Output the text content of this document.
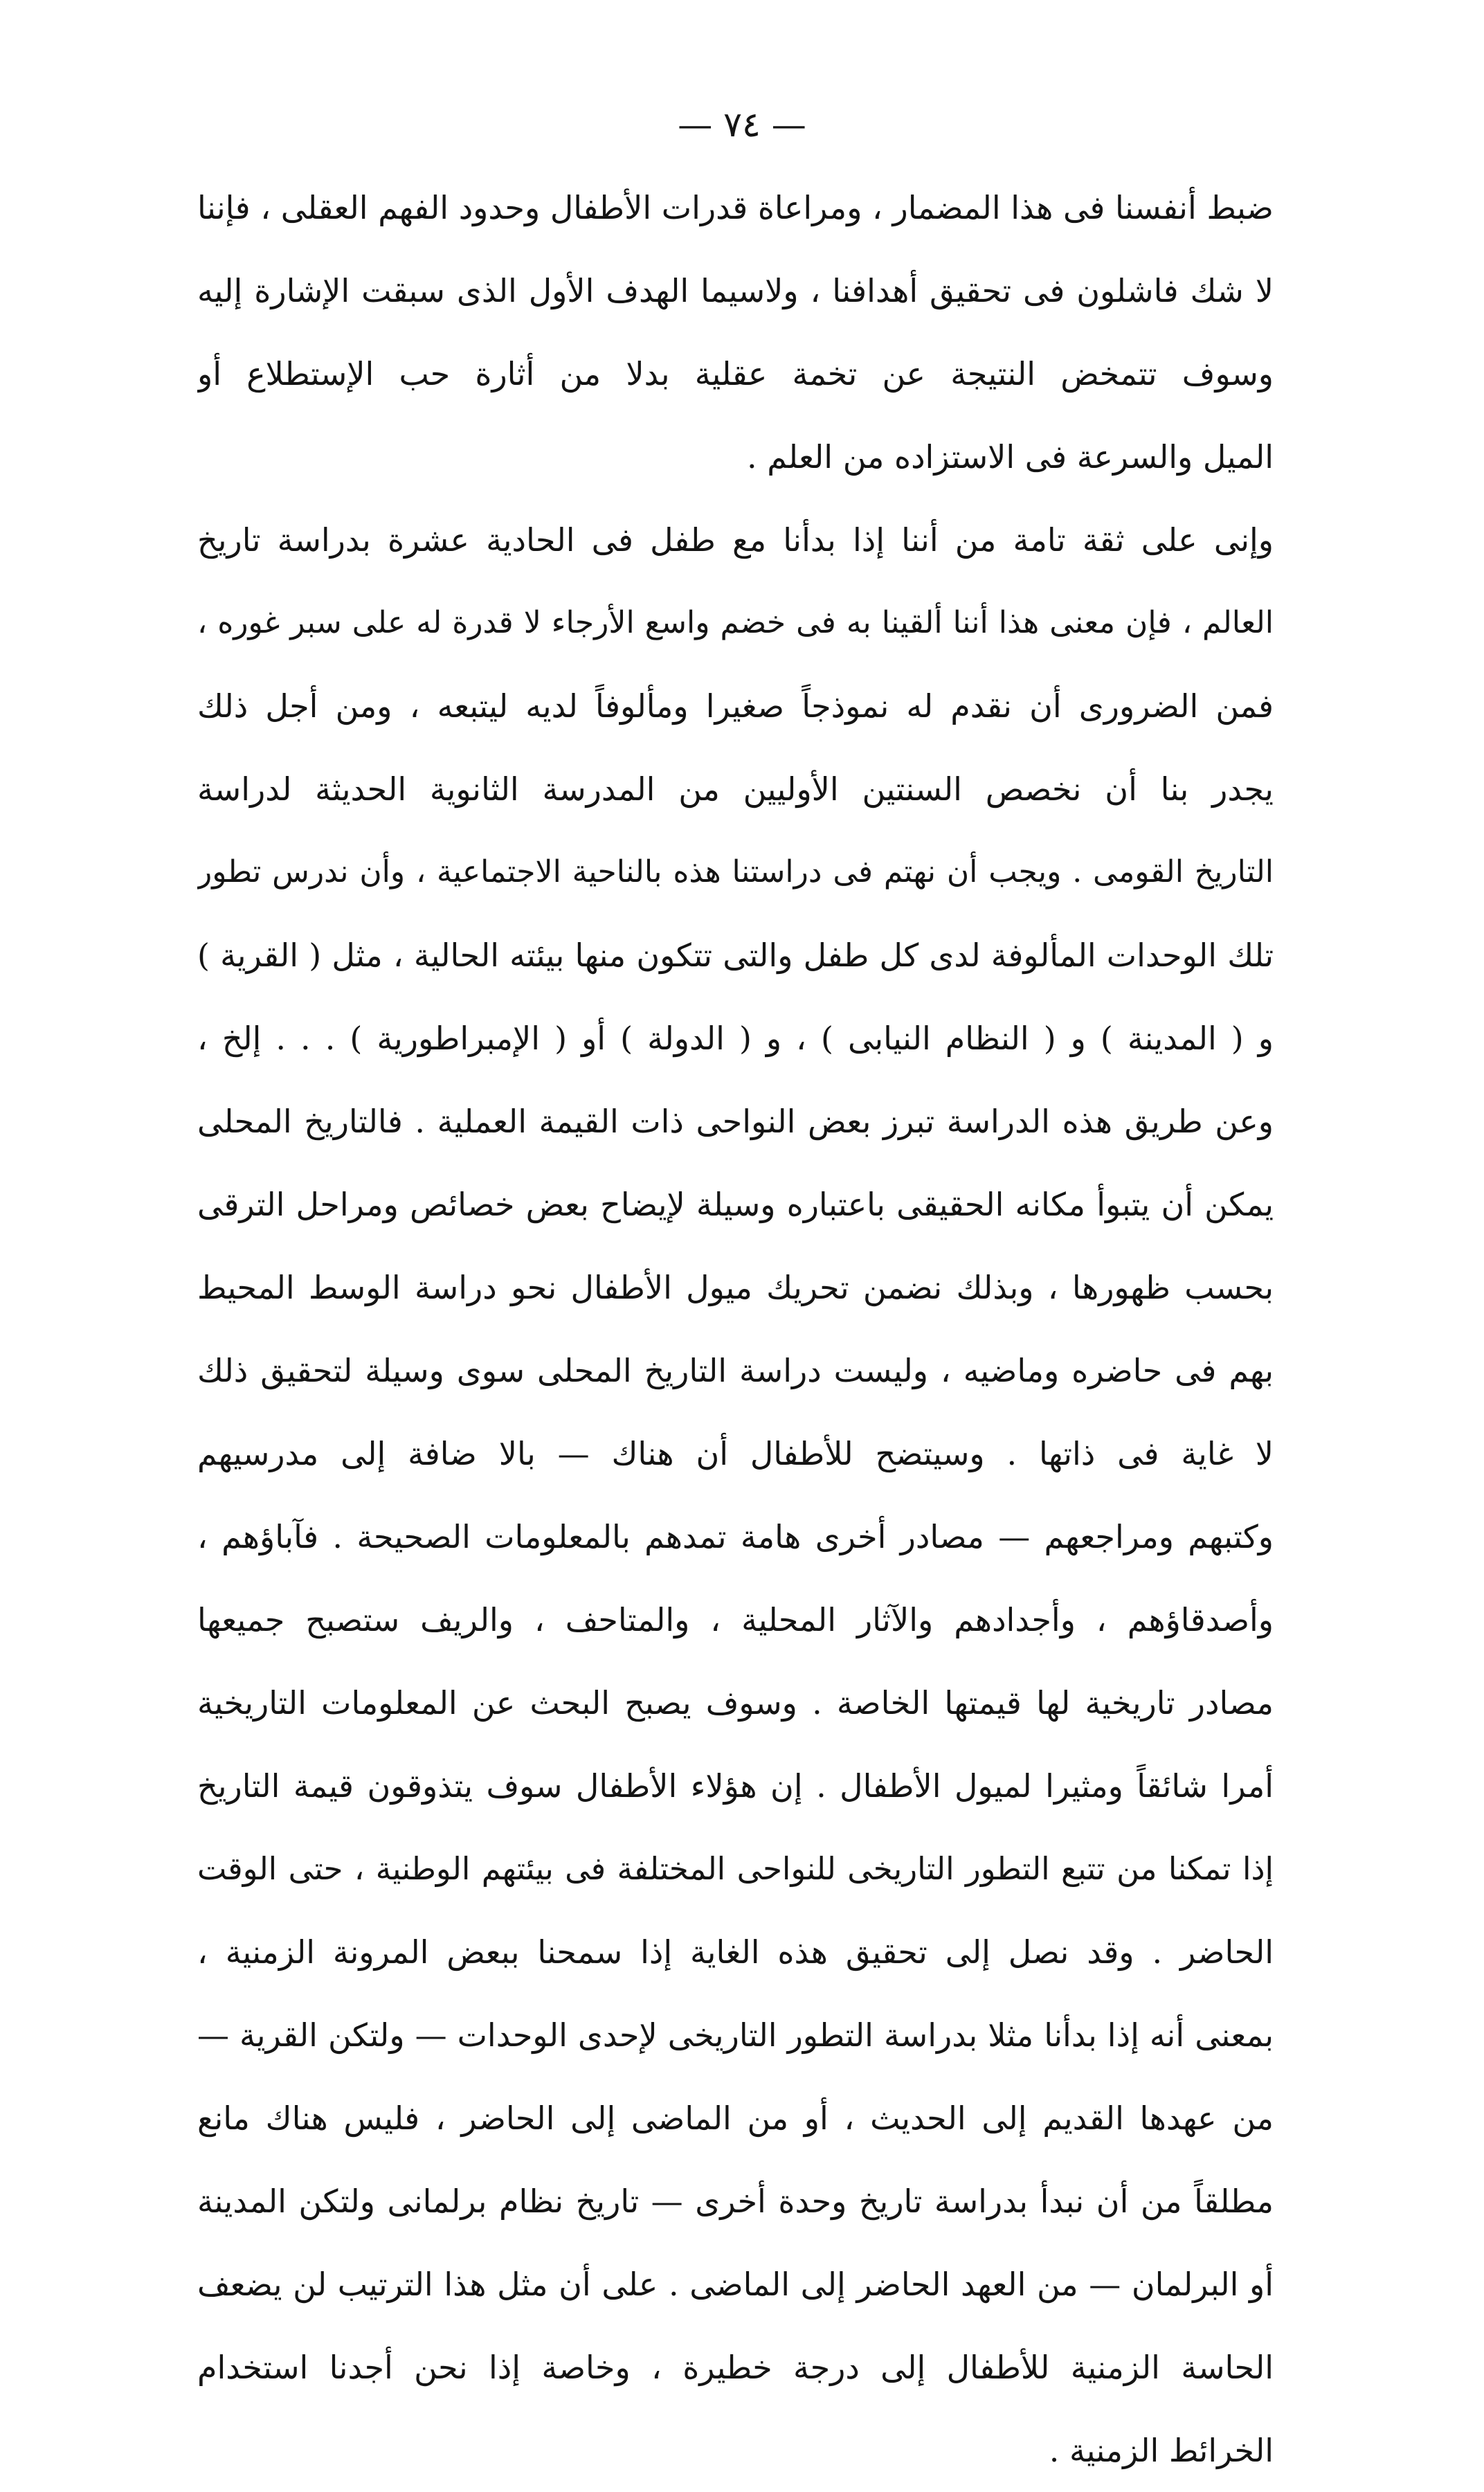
— ٧٤ —
ضبط أنفسنا فى هذا المضمار ، ومراعاة قدرات الأطفال وحدود الفهم العقلى ، فإننا
لا شك فاشلون فى تحقيق أهدافنا ، ولاسيما الهدف الأول الذى سبقت الإشارة إليه
وسوف تتمخض النتيجة عن تخمة عقلية بدلا من أثارة حب الإستطلاع أو
الميل والسرعة فى الاستزاده من العلم .
وإنى على ثقة تامة من أننا إذا بدأنا مع طفل فى الحادية عشرة بدراسة تاريخ
العالم ، فإن معنى هذا أننا ألقينا به فى خضم واسع الأرجاء لا قدرة له على سبر غوره ،
فمن الضرورى أن نقدم له نموذجاً صغيرا ومألوفاً لديه ليتبعه ، ومن أجل ذلك
يجدر بنا أن نخصص السنتين الأوليين من المدرسة الثانوية الحديثة لدراسة
التاريخ القومى . ويجب أن نهتم فى دراستنا هذه بالناحية الاجتماعية ، وأن ندرس تطور
تلك الوحدات المألوفة لدى كل طفل والتى تتكون منها بيئته الحالية ، مثل ( القرية )
و ( المدينة ) و ( النظام النيابى ) ، و ( الدولة ) أو ( الإمبراطورية ) . . . إلخ ،
وعن طريق هذه الدراسة تبرز بعض النواحى ذات القيمة العملية . فالتاريخ المحلى
يمكن أن يتبوأ مكانه الحقيقى باعتباره وسيلة لإيضاح بعض خصائص ومراحل الترقى
بحسب ظهورها ، وبذلك نضمن تحريك ميول الأطفال نحو دراسة الوسط المحيط
بهم فى حاضره وماضيه ، وليست دراسة التاريخ المحلى سوى وسيلة لتحقيق ذلك
لا غاية فى ذاتها . وسيتضح للأطفال أن هناك — بالا ضافة إلى مدرسيهم
وكتبهم ومراجعهم — مصادر أخرى هامة تمدهم بالمعلومات الصحيحة . فآباؤهم ،
وأصدقاؤهم ، وأجدادهم والآثار المحلية ، والمتاحف ، والريف ستصبح جميعها
مصادر تاريخية لها قيمتها الخاصة . وسوف يصبح البحث عن المعلومات التاريخية
أمرا شائقاً ومثيرا لميول الأطفال . إن هؤلاء الأطفال سوف يتذوقون قيمة التاريخ
إذا تمكنا من تتبع التطور التاريخى للنواحى المختلفة فى بيئتهم الوطنية ، حتى الوقت
الحاضر . وقد نصل إلى تحقيق هذه الغاية إذا سمحنا ببعض المرونة الزمنية ،
بمعنى أنه إذا بدأنا مثلا بدراسة التطور التاريخى لإحدى الوحدات — ولتكن القرية —
من عهدها القديم إلى الحديث ، أو من الماضى إلى الحاضر ، فليس هناك مانع
مطلقاً من أن نبدأ بدراسة تاريخ وحدة أخرى — تاريخ نظام برلمانى ولتكن المدينة
أو البرلمان — من العهد الحاضر إلى الماضى . على أن مثل هذا الترتيب لن يضعف
الحاسة الزمنية للأطفال إلى درجة خطيرة ، وخاصة إذا نحن أجدنا استخدام
الخرائط الزمنية .
